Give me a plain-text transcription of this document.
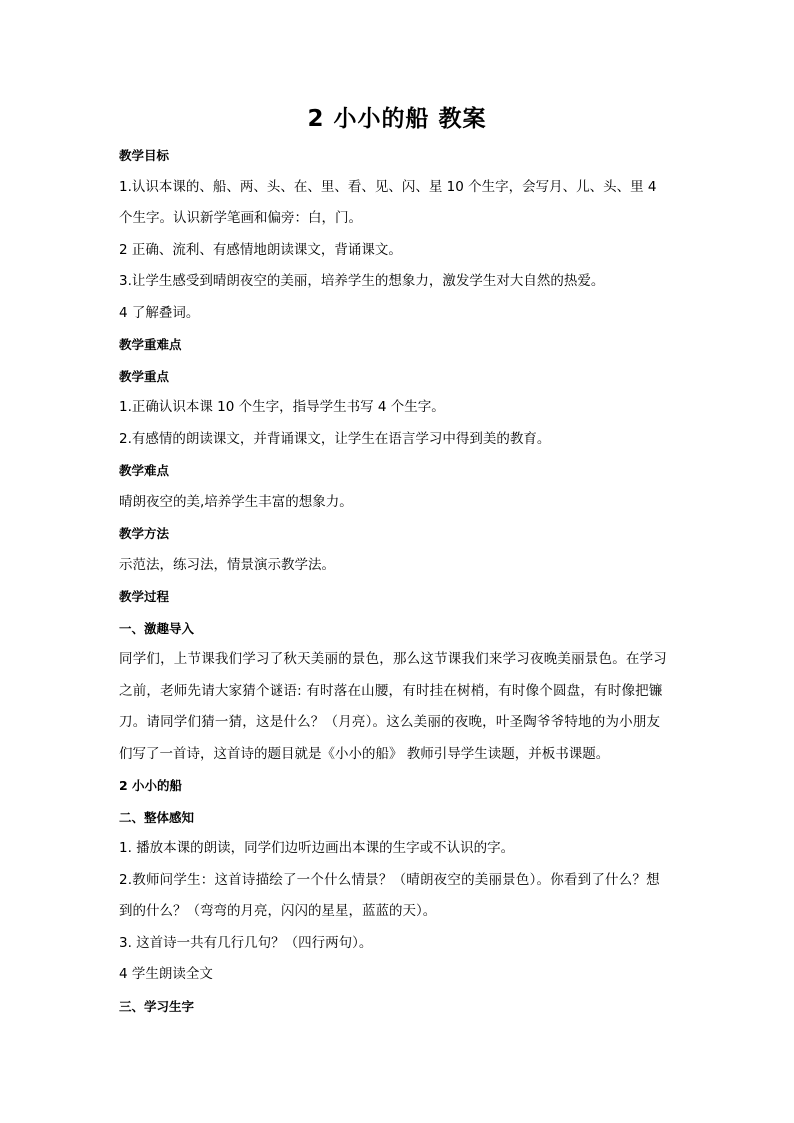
2 小小的船 教案
教学目标
1.认识本课的、船、两、头、在、里、看、见、闪、星 10 个生字，会写月、儿、头、里 4
个生字。认识新学笔画和偏旁：白，门。
2 正确、流利、有感情地朗读课文，背诵课文。
3.让学生感受到晴朗夜空的美丽，培养学生的想象力，激发学生对大自然的热爱。
4 了解叠词。
教学重难点
教学重点
1.正确认识本课 10 个生字，指导学生书写 4 个生字。
2.有感情的朗读课文，并背诵课文，让学生在语言学习中得到美的教育。
教学难点
晴朗夜空的美,培养学生丰富的想象力。
教学方法
示范法，练习法，情景演示教学法。
教学过程
一、激趣导入
同学们，上节课我们学习了秋天美丽的景色，那么这节课我们来学习夜晚美丽景色。在学习
之前，老师先请大家猜个谜语: 有时落在山腰，有时挂在树梢，有时像个圆盘，有时像把镰
刀。请同学们猜一猜，这是什么？（月亮）。这么美丽的夜晚，叶圣陶爷爷特地的为小朋友
们写了一首诗，这首诗的题目就是《小小的船》 教师引导学生读题，并板书课题。
2 小小的船
二、整体感知
1. 播放本课的朗读，同学们边听边画出本课的生字或不认识的字。
2.教师问学生：这首诗描绘了一个什么情景？（晴朗夜空的美丽景色）。你看到了什么？想
到的什么？（弯弯的月亮，闪闪的星星，蓝蓝的天）。
3. 这首诗一共有几行几句？（四行两句）。
4 学生朗读全文
三、学习生字
